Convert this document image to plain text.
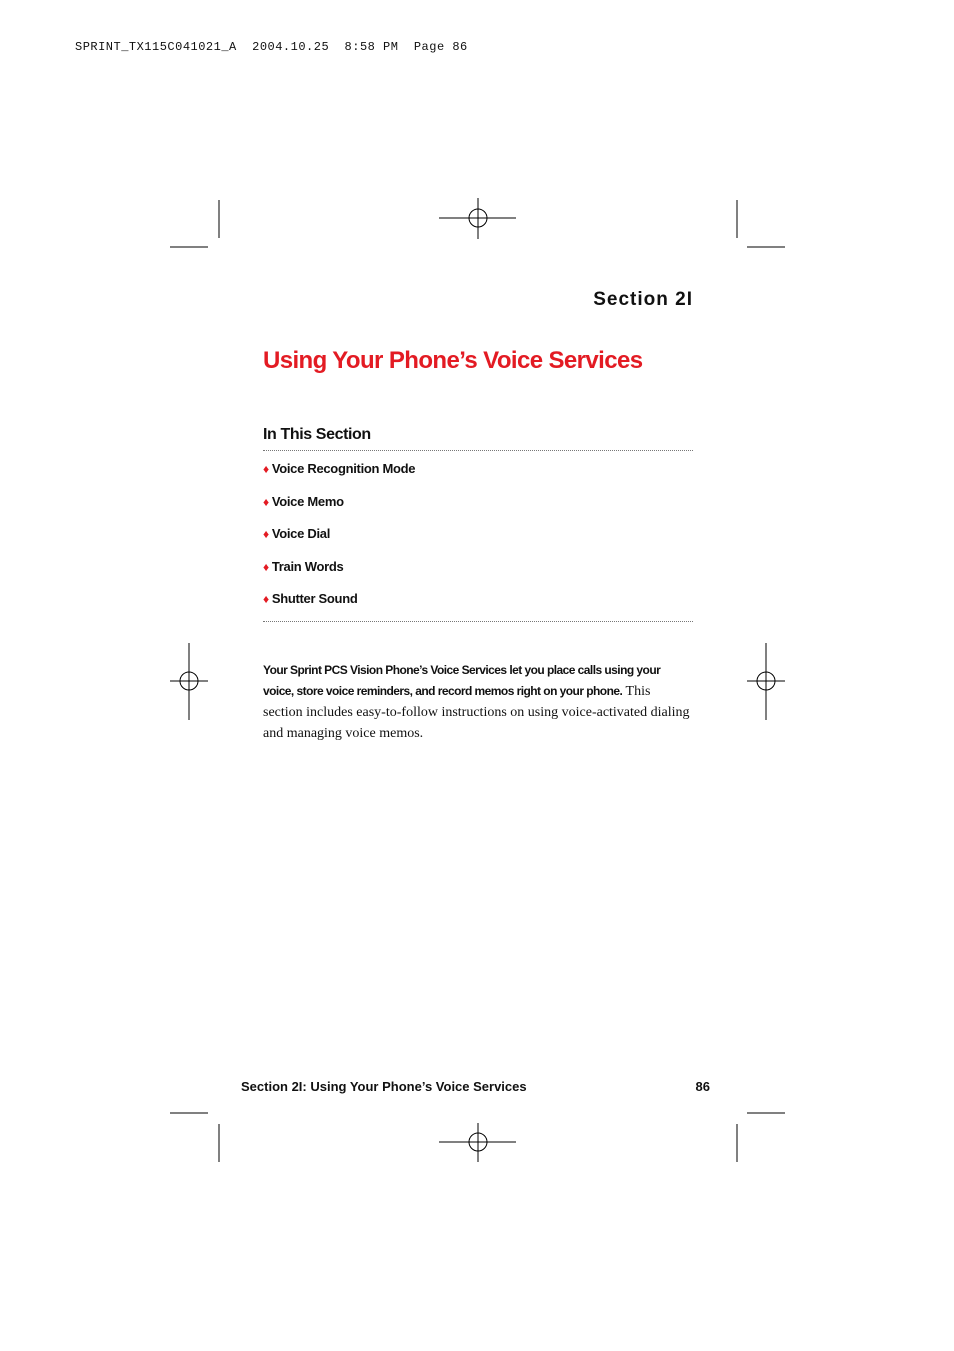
SPRINT_TX115C041021_A  2004.10.25  8:58 PM  Page 86
Section 2I
Using Your Phone’s Voice Services
In This Section
♦ Voice Recognition Mode
♦ Voice Memo
♦ Voice Dial
♦ Train Words
♦ Shutter Sound

Your Sprint PCS Vision Phone’s Voice Services let you place calls using your voice, store voice reminders, and record memos right on your phone. This section includes easy-to-follow instructions on using voice-activated dialing and managing voice memos.

Section 2I: Using Your Phone’s Voice Services	86
